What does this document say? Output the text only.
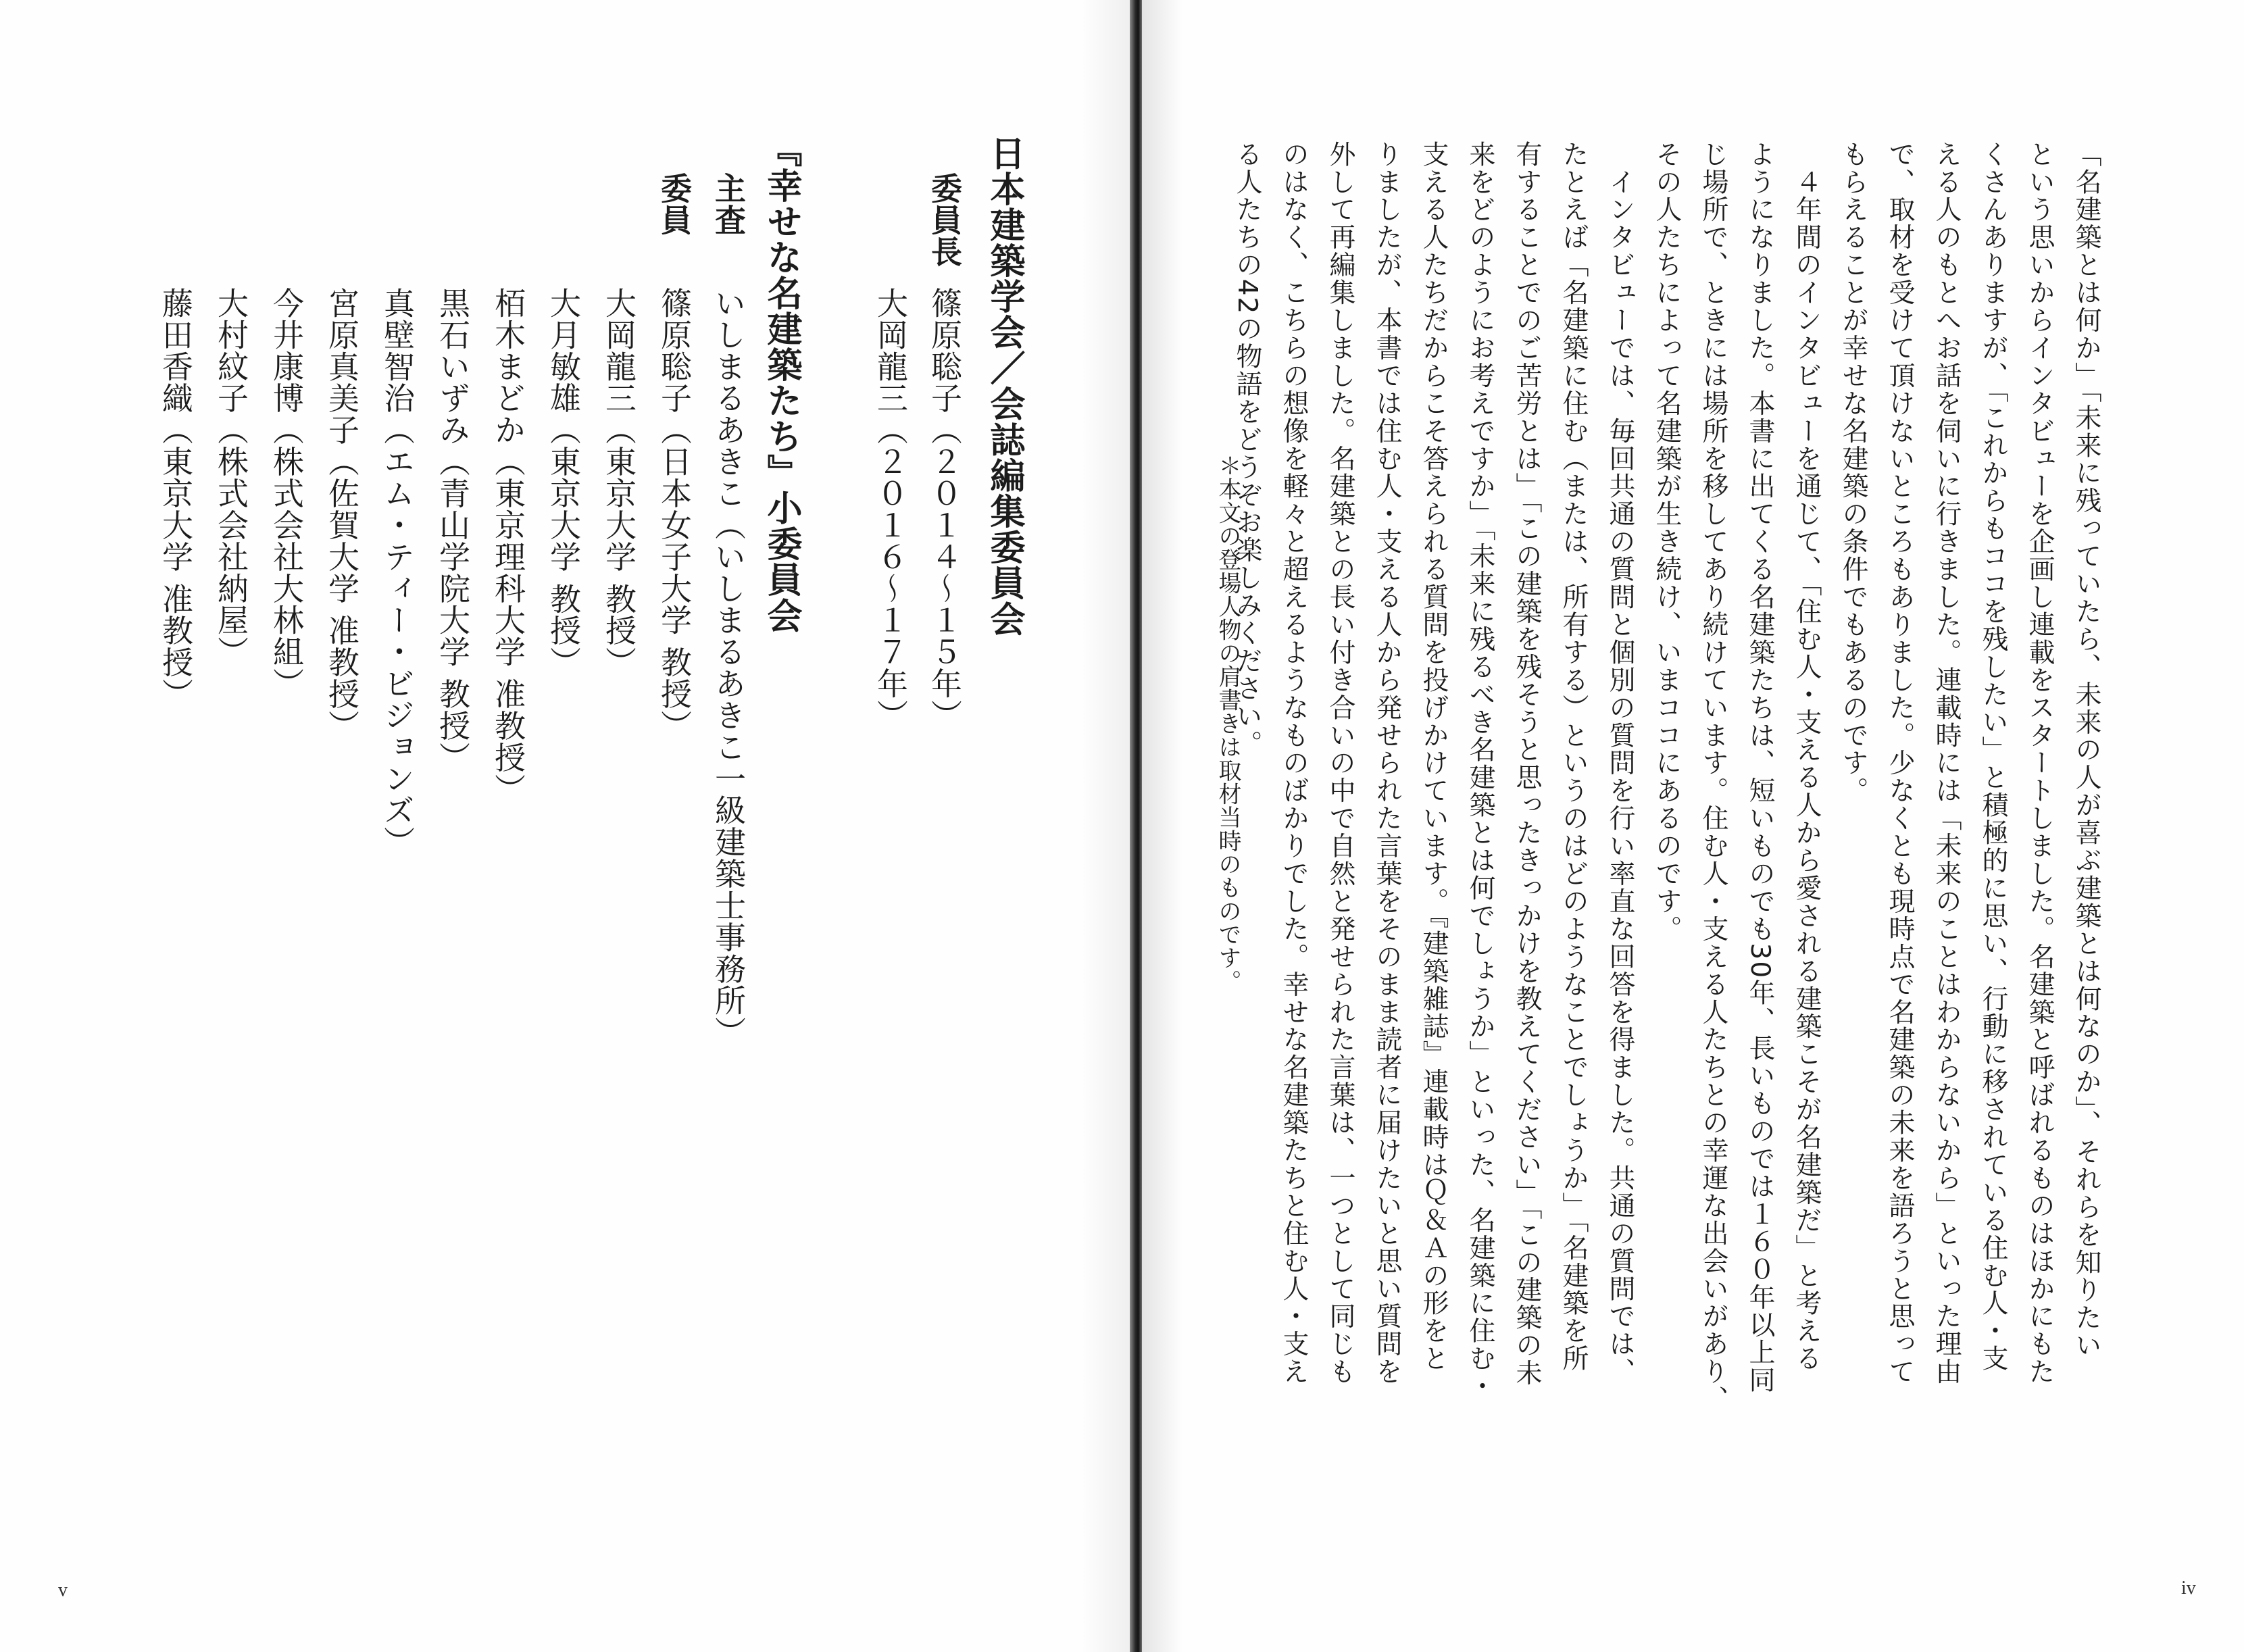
日本建築学会／会誌編集委員会
委員長
篠原聡子（２０１４～１５年）
大岡龍三（２０１６～１７年）
『幸せな名建築たち』小委員会
主査
いしまるあきこ（いしまるあきこ一級建築士事務所）
委員
篠原聡子（日本女子大学 教授）
大岡龍三（東京大学 教授）
大月敏雄（東京大学 教授）
栢木まどか（東京理科大学 准教授）
黒石いずみ（青山学院大学 教授）
真壁智治（エム・ティー・ビジョンズ）
宮原真美子（佐賀大学 准教授）
今井康博（株式会社大林組）
大村紋子（株式会社納屋）
藤田香織（東京大学 准教授）
v
「名建築とは何か」「未来に残っていたら、未来の人が喜ぶ建築とは何なのか」、それらを知りたい
という思いからインタビューを企画し連載をスタートしました。名建築と呼ばれるものはほかにもた
くさんありますが、「これからもココを残したい」と積極的に思い、行動に移されている住む人・支
える人のもとへお話を伺いに行きました。連載時には「未来のことはわからないから」といった理由
で、取材を受けて頂けないところもありました。少なくとも現時点で名建築の未来を語ろうと思って
もらえることが幸せな名建築の条件でもあるのです。
　４年間のインタビューを通じて、「住む人・支える人から愛される建築こそが名建築だ」と考える
ようになりました。本書に出てくる名建築たちは、短いものでも30年、長いものでは１６０年以上同
じ場所で、ときには場所を移してあり続けています。住む人・支える人たちとの幸運な出会いがあり、
その人たちによって名建築が生き続け、いまココにあるのです。
　インタビューでは、毎回共通の質問と個別の質問を行い率直な回答を得ました。共通の質問では、
たとえば「名建築に住む（または、所有する）というのはどのようなことでしょうか」「名建築を所
有することでのご苦労とは」「この建築を残そうと思ったきっかけを教えてください」「この建築の未
来をどのようにお考えですか」「未来に残るべき名建築とは何でしょうか」といった、名建築に住む・
支える人たちだからこそ答えられる質問を投げかけています。『建築雑誌』連載時はＱ＆Ａの形をと
りましたが、本書では住む人・支える人から発せられた言葉をそのまま読者に届けたいと思い質問を
外して再編集しました。名建築との長い付き合いの中で自然と発せられた言葉は、一つとして同じも
のはなく、こちらの想像を軽々と超えるようなものばかりでした。幸せな名建築たちと住む人・支え
る人たちの42の物語をどうぞお楽しみください。
＊本文の登場人物の肩書きは取材当時のものです。
iv
